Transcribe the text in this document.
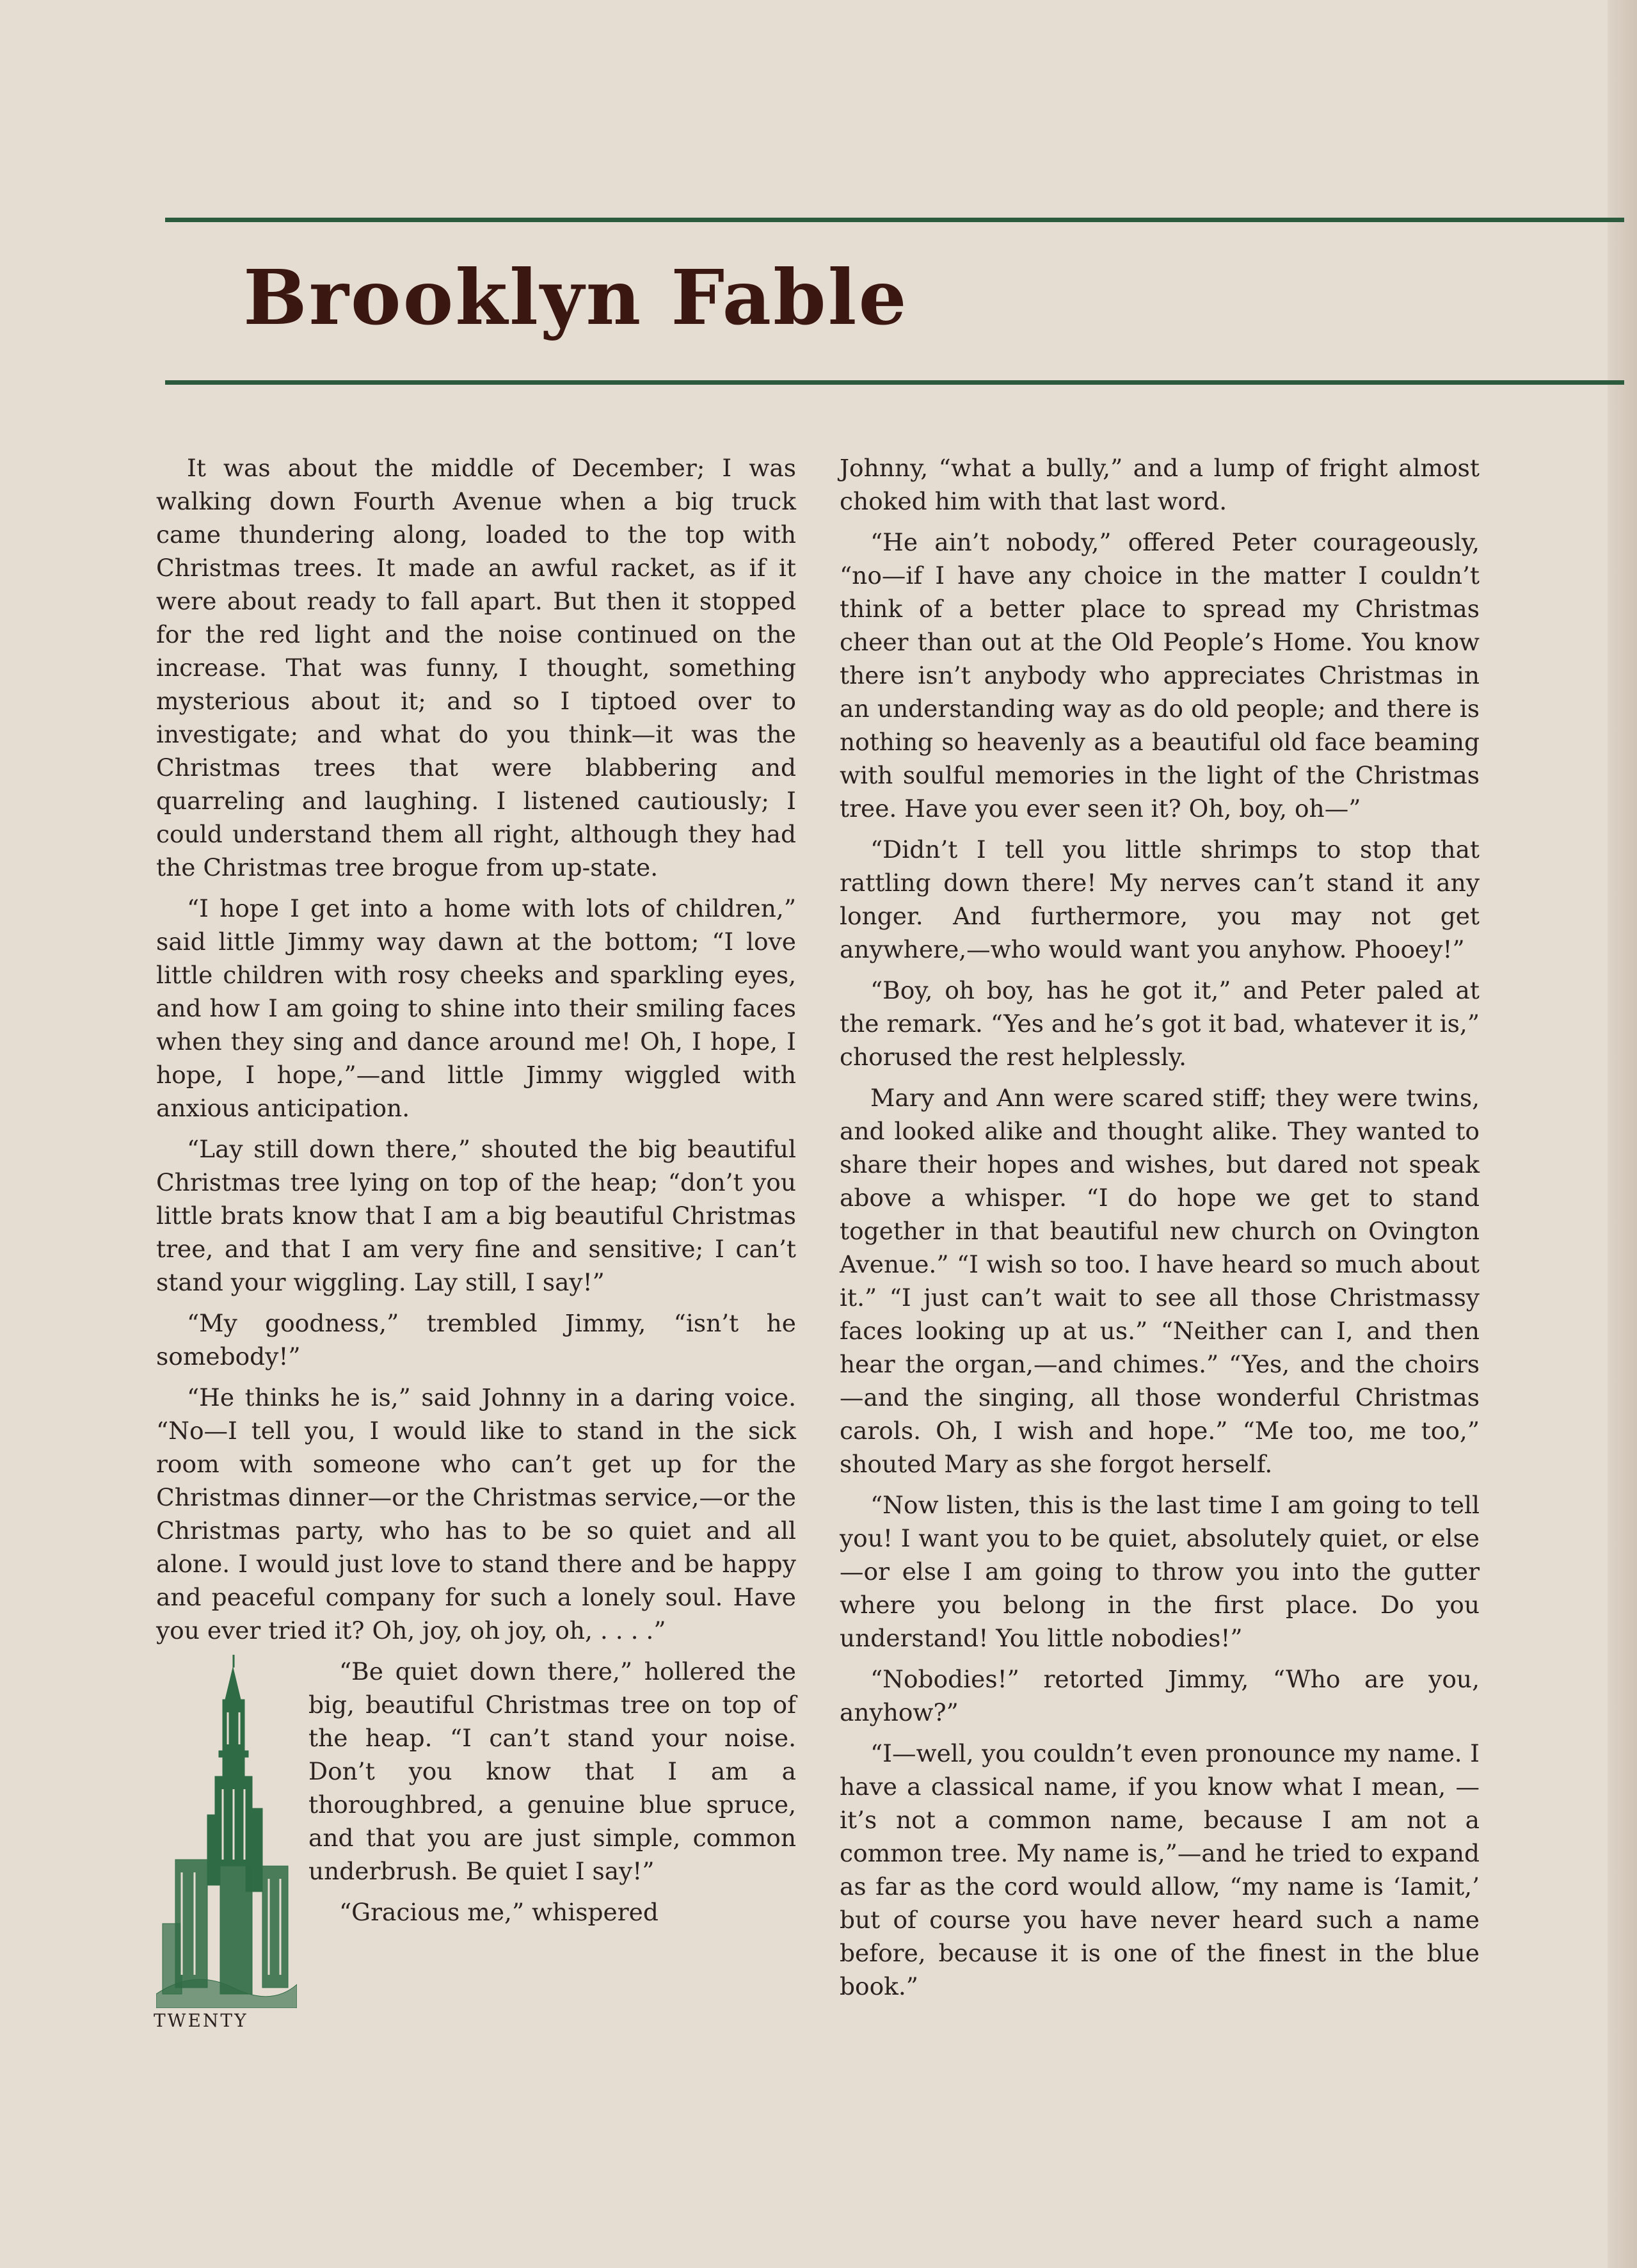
Brooklyn Fable

It was about the middle of December; I was walking down Fourth Avenue when a big truck came thundering along, loaded to the top with Christmas trees. It made an awful racket, as if it were about ready to fall apart. But then it stopped for the red light and the noise continued on the increase. That was funny, I thought, something mysterious about it; and so I tiptoed over to investigate; and what do you think—it was the Christmas trees that were blabbering and quarreling and laughing. I listened cautiously; I could understand them all right, although they had the Christmas tree brogue from up-state.

“I hope I get into a home with lots of children,” said little Jimmy way dawn at the bottom; “I love little children with rosy cheeks and sparkling eyes, and how I am going to shine into their smiling faces when they sing and dance around me! Oh, I hope, I hope, I hope,”—and little Jimmy wiggled with anxious anticipation.

“Lay still down there,” shouted the big beautiful Christmas tree lying on top of the heap; “don’t you little brats know that I am a big beautiful Christmas tree, and that I am very fine and sensitive; I can’t stand your wiggling. Lay still, I say!”

“My goodness,” trembled Jimmy, “isn’t he somebody!”

“He thinks he is,” said Johnny in a daring voice. “No—I tell you, I would like to stand in the sick room with someone who can’t get up for the Christmas dinner—or the Christmas service,—or the Christmas party, who has to be so quiet and all alone. I would just love to stand there and be happy and peaceful company for such a lonely soul. Have you ever tried it? Oh, joy, oh joy, oh, . . . .”

“Be quiet down there,” hollered the big, beautiful Christmas tree on top of the heap. “I can’t stand your noise. Don’t you know that I am a thoroughbred, a genuine blue spruce, and that you are just simple, common underbrush. Be quiet I say!”

“Gracious me,” whispered

Johnny, “what a bully,” and a lump of fright almost choked him with that last word.

“He ain’t nobody,” offered Peter courageously, “no—if I have any choice in the matter I couldn’t think of a better place to spread my Christmas cheer than out at the Old People’s Home. You know there isn’t anybody who appreciates Christmas in an understanding way as do old people; and there is nothing so heavenly as a beautiful old face beaming with soulful memories in the light of the Christmas tree. Have you ever seen it? Oh, boy, oh—”

“Didn’t I tell you little shrimps to stop that rattling down there! My nerves can’t stand it any longer. And furthermore, you may not get anywhere,—who would want you anyhow. Phooey!”

“Boy, oh boy, has he got it,” and Peter paled at the remark. “Yes and he’s got it bad, whatever it is,” chorused the rest helplessly.

Mary and Ann were scared stiff; they were twins, and looked alike and thought alike. They wanted to share their hopes and wishes, but dared not speak above a whisper. “I do hope we get to stand together in that beautiful new church on Ovington Avenue.” “I wish so too. I have heard so much about it.” “I just can’t wait to see all those Christmassy faces looking up at us.” “Neither can I, and then hear the organ,—and chimes.” “Yes, and the choirs—and the singing, all those wonderful Christmas carols. Oh, I wish and hope.” “Me too, me too,” shouted Mary as she forgot herself.

“Now listen, this is the last time I am going to tell you! I want you to be quiet, absolutely quiet, or else—or else I am going to throw you into the gutter where you belong in the first place. Do you understand! You little nobodies!”

“Nobodies!” retorted Jimmy, “Who are you, anyhow?”

“I—well, you couldn’t even pronounce my name. I have a classical name, if you know what I mean, —it’s not a common name, because I am not a common tree. My name is,”—and he tried to expand as far as the cord would allow, “my name is ‘Iamit,’ but of course you have never heard such a name before, because it is one of the finest in the blue book.”

TWENTY
